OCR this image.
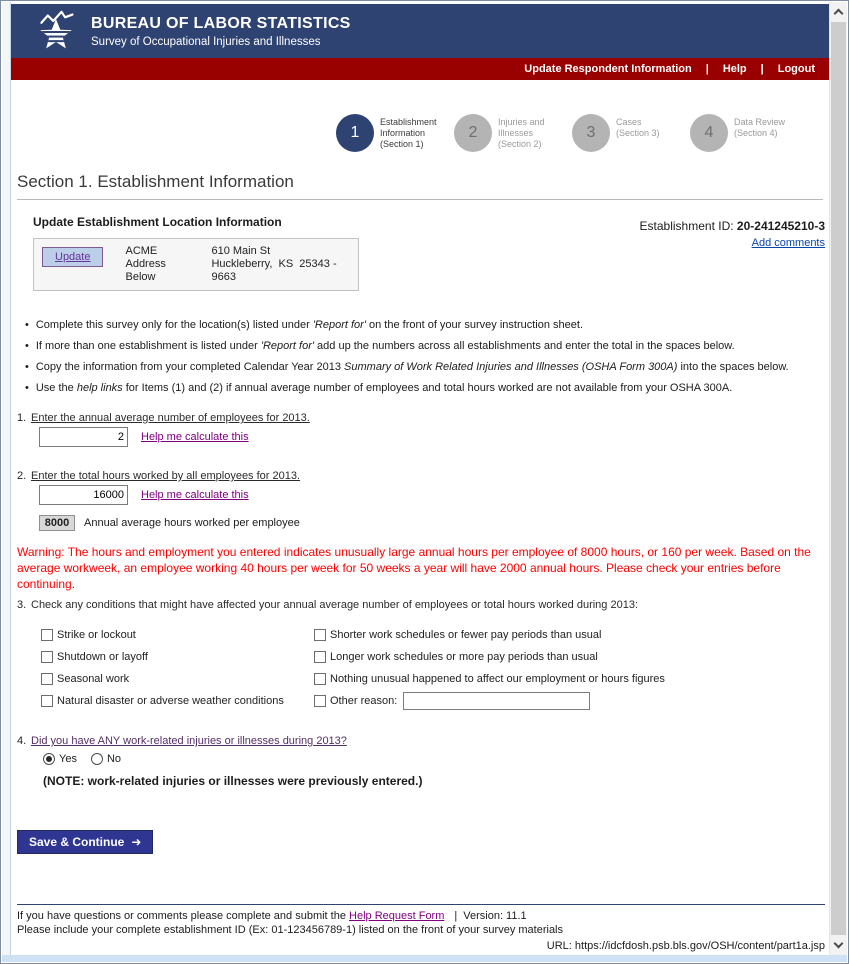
BUREAU OF LABOR STATISTICS
Survey of Occupational Injuries and Illnesses
Update Respondent Information | Help | Logout
1
Establishment
Information
(Section 1)
2
Injuries and
Illnesses
(Section 2)
3
Cases
(Section 3)	4
Data Review
(Section 4)
Section 1. Establishment Information
Update Establishment Location Information
Update	ACME
Address
Below
610 Main St
Huckleberry,  KS  25343 -
9663
Establishment ID: 20-241245210-3
Add comments
• Complete this survey only for the location(s) listed under 'Report for' on the front of your survey instruction sheet.
• If more than one establishment is listed under 'Report for' add up the numbers across all establishments and enter the total in the spaces below.
• Copy the information from your completed Calendar Year 2013 Summary of Work Related Injuries and Illnesses (OSHA Form 300A) into the spaces below.
• Use the help links for Items (1) and (2) if annual average number of employees and total hours worked are not available from your OSHA 300A.
1. Enter the annual average number of employees for 2013.
2
Help me calculate this
2. Enter the total hours worked by all employees for 2013.
16000
Help me calculate this
8000	Annual average hours worked per employee
Warning: The hours and employment you entered indicates unusually large annual hours per employee of 8000 hours, or 160 per week. Based on the average workweek, an employee working 40 hours per week for 50 weeks a year will have 2000 annual hours. Please check your entries before continuing.
3. Check any conditions that might have affected your annual average number of employees or total hours worked during 2013:
Strike or lockout
Shutdown or layoff
Seasonal work
Natural disaster or adverse weather conditions
Shorter work schedules or fewer pay periods than usual
Longer work schedules or more pay periods than usual
Nothing unusual happened to affect our employment or hours figures
Other reason:
4. Did you have ANY work-related injuries or illnesses during 2013?
Yes	No
(NOTE: work-related injuries or illnesses were previously entered.)
Save & Continue ➜
If you have questions or comments please complete and submit the Help Request Form | Version: 11.1
Please include your complete establishment ID (Ex: 01-123456789-1) listed on the front of your survey materials
URL: https://idcfdosh.psb.bls.gov/OSH/content/part1a.jsp
